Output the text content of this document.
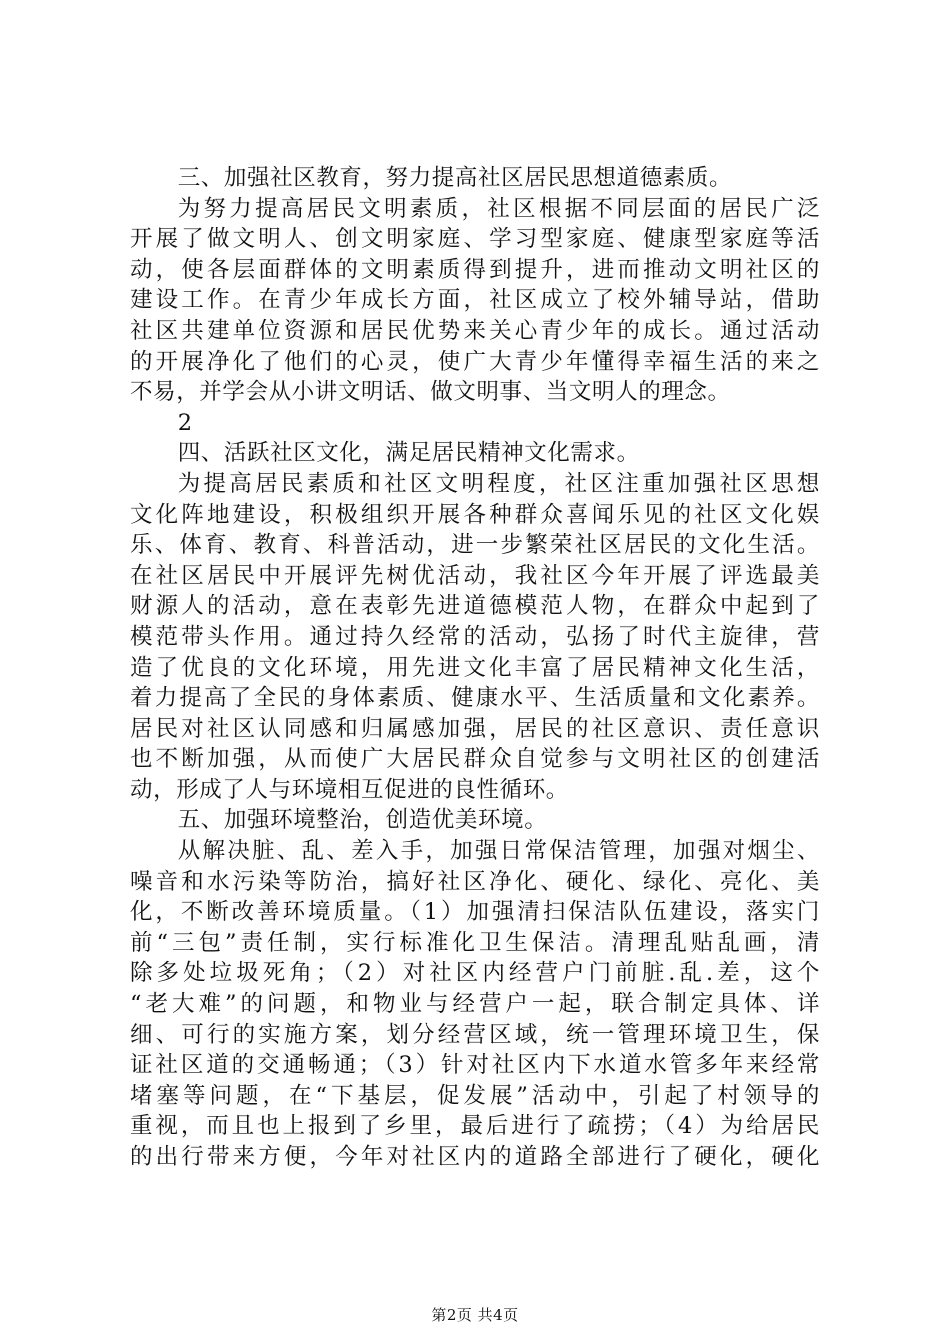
三、加强社区教育，努力提高社区居民思想道德素质。
为努力提高居民文明素质，社区根据不同层面的居民广泛
开展了做文明人、创文明家庭、学习型家庭、健康型家庭等活
动，使各层面群体的文明素质得到提升，进而推动文明社区的
建设工作。在青少年成长方面，社区成立了校外辅导站，借助
社区共建单位资源和居民优势来关心青少年的成长。通过活动
的开展净化了他们的心灵，使广大青少年懂得幸福生活的来之
不易，并学会从小讲文明话、做文明事、当文明人的理念。
2
四、活跃社区文化，满足居民精神文化需求。
为提高居民素质和社区文明程度，社区注重加强社区思想
文化阵地建设，积极组织开展各种群众喜闻乐见的社区文化娱
乐、体育、教育、科普活动，进一步繁荣社区居民的文化生活。
在社区居民中开展评先树优活动，我社区今年开展了评选最美
财源人的活动，意在表彰先进道德模范人物，在群众中起到了
模范带头作用。通过持久经常的活动，弘扬了时代主旋律，营
造了优良的文化环境，用先进文化丰富了居民精神文化生活，
着力提高了全民的身体素质、健康水平、生活质量和文化素养。
居民对社区认同感和归属感加强，居民的社区意识、责任意识
也不断加强，从而使广大居民群众自觉参与文明社区的创建活
动，形成了人与环境相互促进的良性循环。
五、加强环境整治，创造优美环境。
从解决脏、乱、差入手，加强日常保洁管理，加强对烟尘、
噪音和水污染等防治，搞好社区净化、硬化、绿化、亮化、美
化，不断改善环境质量。（1）加强清扫保洁队伍建设，落实门
前“三包”责任制，实行标准化卫生保洁。清理乱贴乱画，清
除多处垃圾死角；（2）对社区内经营户门前脏.乱.差，这个
“老大难”的问题，和物业与经营户一起，联合制定具体、详
细、可行的实施方案，划分经营区域，统一管理环境卫生，保
证社区道的交通畅通；（3）针对社区内下水道水管多年来经常
堵塞等问题，在“下基层，促发展”活动中，引起了村领导的
重视，而且也上报到了乡里，最后进行了疏捞；（4）为给居民
的出行带来方便，今年对社区内的道路全部进行了硬化，硬化
第2页 共4页
